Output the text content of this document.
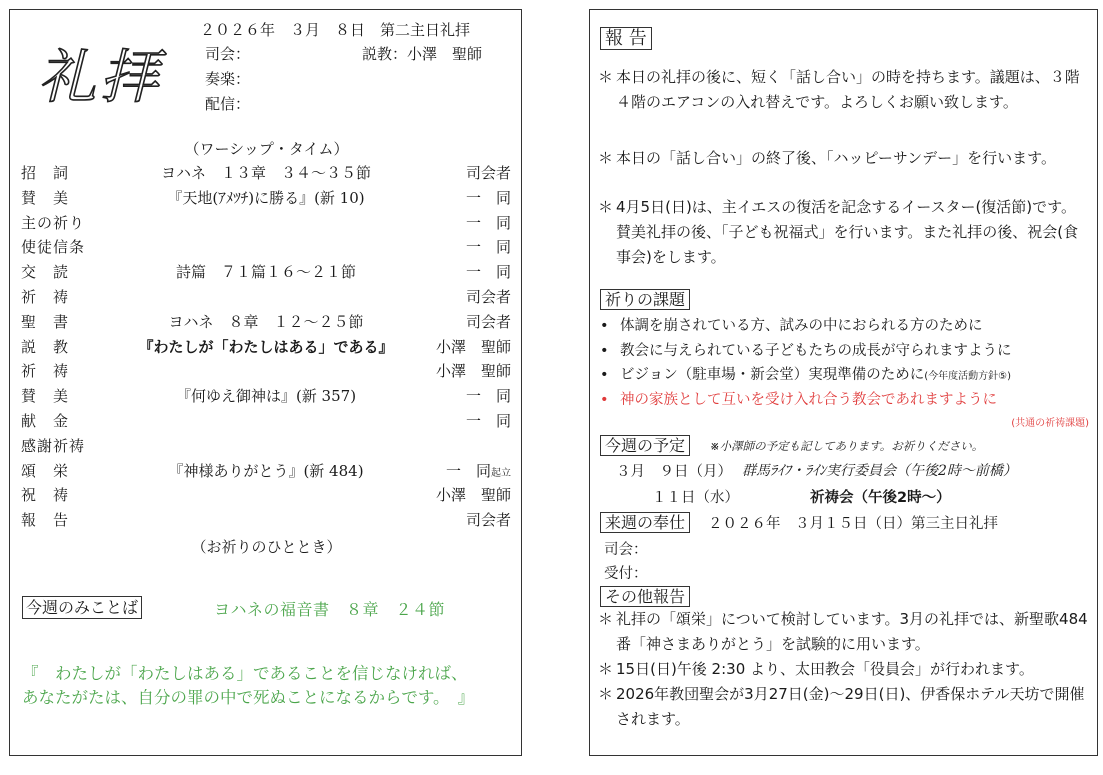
礼拝
２０２６年　３月　８日　第二主日礼拝
司会：	説教：小澤　聖師
奏楽：
配信：
（ワーシップ・タイム）
招　詞	ヨハネ　１３章　３４～３５節	司会者
賛　美	『天地(ｱﾒﾂﾁ)に勝る』(新 10)	一　同
主の祈り	一　同
使徒信条	一　同
交　読	詩篇　７１篇１６～２１節	一　同
祈　祷	司会者
聖　書	ヨハネ　８章　１２～２５節	司会者
説　教	『わたしが「わたしはある」である』	小澤　聖師
祈　祷	小澤　聖師
賛　美	『何ゆえ御神は』(新 357)	一　同
献　金	一　同
感謝祈祷
頌　栄	『神様ありがとう』(新 484)	一　同起立
祝　祷	小澤　聖師
報　告	司会者
（お祈りのひととき）
今週のみことば	ヨハネの福音書　８章　２４節
『　わたしが「わたしはある」であることを信じなければ、
あなたがたは、自分の罪の中で死ぬことになるからです。　』
報 告
＊ 本日の礼拝の後に、短く「話し合い」の時を持ちます。議題は、３階４階のエアコンの入れ替えです。よろしくお願い致します。
＊ 本日の「話し合い」の終了後、「ハッピーサンデー」を行います。
＊ 4月5日(日)は、主イエスの復活を記念するイースター(復活節)です。賛美礼拝の後、「子ども祝福式」を行います。また礼拝の後、祝会(食事会)をします。
祈りの課題
• 体調を崩されている方、試みの中におられる方のために
• 教会に与えられている子どもたちの成長が守られますように
• ビジョン（駐車場・新会堂）実現準備のために(今年度活動方針⑤)
• 神の家族として互いを受け入れ合う教会であれますように
(共通の祈祷課題)
今週の予定	※小澤師の予定も記してあります。お祈りください。
３月　９日（月） 群馬ﾗｲﾌ・ﾗｲﾝ実行委員会（午後2時～前橋）
１１日（水）	祈祷会（午後2時～）
来週の奉仕	２０２６年　３月１５日（日）第三主日礼拝
司会：
受付：
その他報告
＊ 礼拝の「頌栄」について検討しています。3月の礼拝では、新聖歌484番「神さまありがとう」を試験的に用います。
＊ 15日(日)午後 2:30 より、太田教会「役員会」が行われます。
＊ 2026年教団聖会が3月27日(金)～29日(日)、伊香保ホテル天坊で開催されます。
